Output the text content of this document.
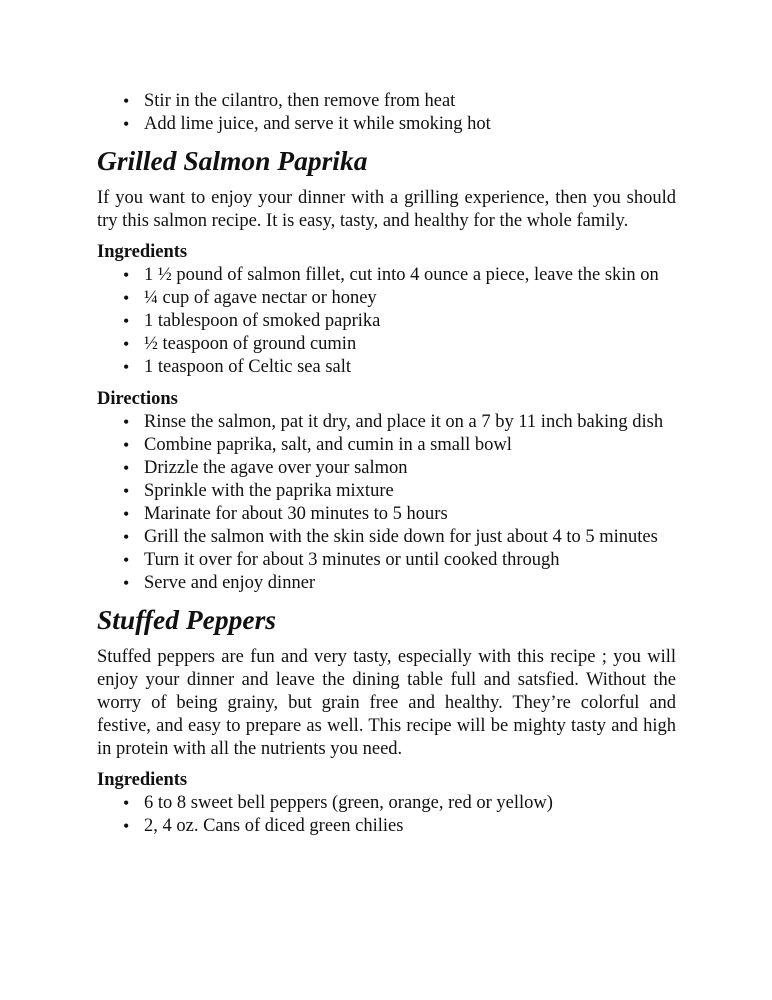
• Stir in the cilantro, then remove from heat
• Add lime juice, and serve it while smoking hot
Grilled Salmon Paprika

If you want to enjoy your dinner with a grilling experience, then you should try this salmon recipe. It is easy, tasty, and healthy for the whole family.

Ingredients
• 1 ½ pound of salmon fillet, cut into 4 ounce a piece, leave the skin on
• ¼ cup of agave nectar or honey
• 1 tablespoon of smoked paprika
• ½ teaspoon of ground cumin
• 1 teaspoon of Celtic sea salt
Directions
• Rinse the salmon, pat it dry, and place it on a 7 by 11 inch baking dish
• Combine paprika, salt, and cumin in a small bowl
• Drizzle the agave over your salmon
• Sprinkle with the paprika mixture
• Marinate for about 30 minutes to 5 hours
• Grill the salmon with the skin side down for just about 4 to 5 minutes
• Turn it over for about 3 minutes or until cooked through
• Serve and enjoy dinner
Stuffed Peppers

Stuffed peppers are fun and very tasty, especially with this recipe ; you will enjoy your dinner and leave the dining table full and satsfied. Without the worry of being grainy, but grain free and healthy. They’re colorful and festive, and easy to prepare as well. This recipe will be mighty tasty and high in protein with all the nutrients you need.

Ingredients
• 6 to 8 sweet bell peppers (green, orange, red or yellow)
• 2, 4 oz. Cans of diced green chilies
